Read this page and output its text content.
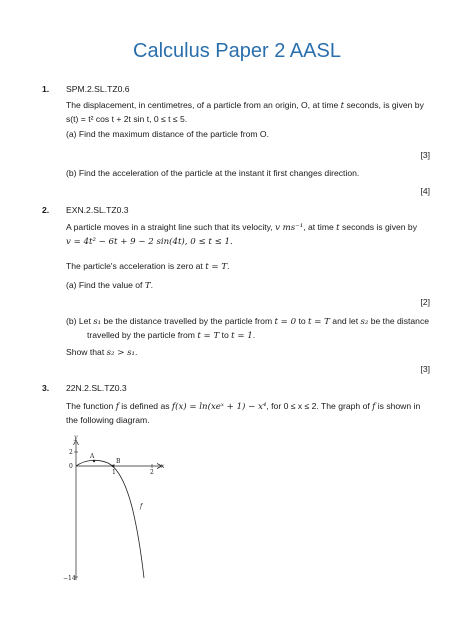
Calculus Paper 2 AASL
1. SPM.2.SL.TZ0.6
The displacement, in centimetres, of a particle from an origin, O, at time t seconds, is given by
s(t) = t² cos t + 2t sin t, 0 ≤ t ≤ 5.
(a) Find the maximum distance of the particle from O.
[3]
(b) Find the acceleration of the particle at the instant it first changes direction.
[4]
2. EXN.2.SL.TZ0.3
A particle moves in a straight line such that its velocity, v ms⁻¹, at time t seconds is given by
v = 4t² − 6t + 9 − 2 sin(4t), 0 ≤ t ≤ 1.
The particle's acceleration is zero at t = T.
(a) Find the value of T.
[2]
(b) Let s₁ be the distance travelled by the particle from t = 0 to t = T and let s₂ be the distance travelled by the particle from t = T to t = 1.
Show that s₂ > s₁.
[3]
3. 22N.2.SL.TZ0.3
The function f is defined as f(x) = ln(xeˣ + 1) − x⁴, for 0 ≤ x ≤ 2. The graph of f is shown in the following diagram.
y
x
2
0
−14
1	2
A
B
f
